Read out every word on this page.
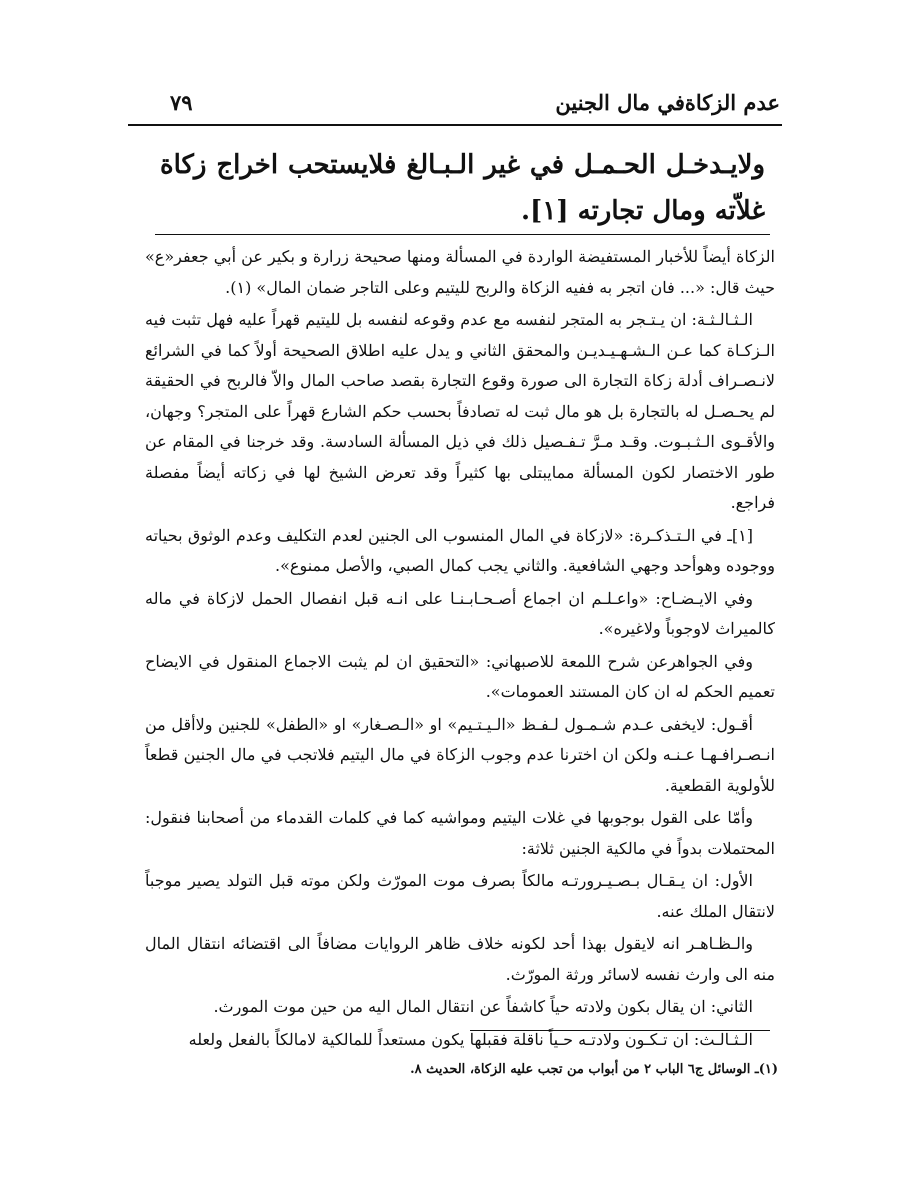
عدم الزكاةفي مال الجنين
٧٩
ولايـدخـل الحـمـل في غير الـبـالغ فلايستحب اخراج زكاة غلاّته ومال تجارته [١].

الزكاة أيضاً للأخبار المستفيضة الواردة في المسألة ومنها صحيحة زرارة و بكير عن أبي جعفر«ع» حيث قال: «... فان اتجر به ففيه الزكاة والربح لليتيم وعلى التاجر ضمان المال» (١).

الـثـالـثـة: ان يـتـجر به المتجر لنفسه مع عدم وقوعه لنفسه بل لليتيم قهراً عليه فهل تثبت فيه الـزكـاة كما عـن الـشـهـيـديـن والمحقق الثاني و يدل عليه اطلاق الصحيحة أولاً كما في الشرائع لانـصـراف أدلة زكاة التجارة الى صورة وقوع التجارة بقصد صاحب المال والاّ فالربح في الحقيقة لم يحـصـل له بالتجارة بل هو مال ثبت له تصادفاً بحسب حكم الشارع قهراً على المتجر؟ وجهان، والأقـوى الـثـبـوت. وقـد مـرَّ تـفـصيل ذلك في ذيل المسألة السادسة. وقد خرجنا في المقام عن طور الاختصار لكون المسألة ممايبتلى بها كثيراً وقد تعرض الشيخ لها في زكاته أيضاً مفصلة فراجع.

[١]ـ في الـتـذكـرة: «لازكاة في المال المنسوب الى الجنين لعدم التكليف وعدم الوثوق بحياته ووجوده وهوأحد وجهي الشافعية. والثاني يجب كمال الصبي، والأصل ممنوع».

وفي الايـضـاح: «واعـلـم ان اجماع أصـحـابـنـا على انـه قبل انفصال الحمل لازكاة في ماله كالميراث لاوجوباً ولاغيره».

وفي الجواهرعن شرح اللمعة للاصبهاني: «التحقيق ان لم يثبت الاجماع المنقول في الايضاح تعميم الحكم له ان كان المستند العمومات».

أقـول: لايخفى عـدم شـمـول لـفـظ «الـيـتـيم» او «الـصـغار» او «الطفل» للجنين ولاأقل من انـصـرافـهـا عـنـه ولكن ان اخترنا عدم وجوب الزكاة في مال اليتيم فلاتجب في مال الجنين قطعاً للأولوية القطعية.

وأمّا على القول بوجوبها في غلات اليتيم ومواشيه كما في كلمات القدماء من أصحابنا فنقول: المحتملات بدواً في مالكية الجنين ثلاثة:

الأول: ان يـقـال بـصـيـرورتـه مالكاً بصرف موت المورّث ولكن موته قبل التولد يصير موجباً لانتقال الملك عنه.

والـظـاهـر انه لايقول بهذا أحد لكونه خلاف ظاهر الروايات مضافاً الى اقتضائه انتقال المال منه الى وارث نفسه لاسائر ورثة المورّث.

الثاني: ان يقال بكون ولادته حياً كاشفاً عن انتقال المال اليه من حين موت المورث.

الـثـالـث: ان تـكـون ولادتـه حـياً ناقلة فقبلها يكون مستعداً للمالكية لامالكاً بالفعل ولعله

(١)ـ الوسائل ج٦ الباب ٢ من أبواب من تجب عليه الزكاة، الحديث ٨.
